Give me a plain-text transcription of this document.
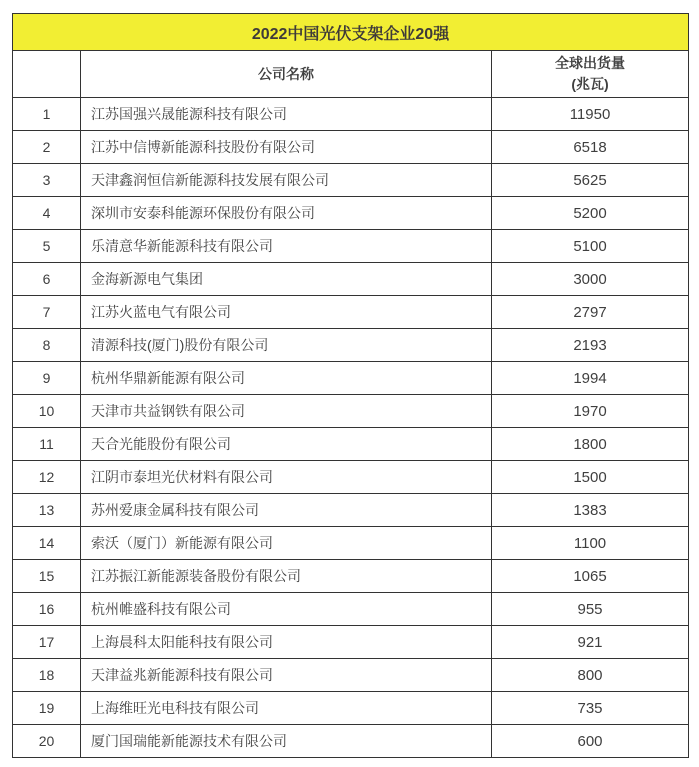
2022中国光伏支架企业20强		
	公司名称	全球出货量
(兆瓦)

1	江苏国强兴晟能源科技有限公司	11950
2	江苏中信博新能源科技股份有限公司	6518
3	天津鑫润恒信新能源科技发展有限公司	5625
4	深圳市安泰科能源环保股份有限公司	5200
5	乐清意华新能源科技有限公司	5100
6	金海新源电气集团	3000
7	江苏火蓝电气有限公司	2797
8	清源科技(厦门)股份有限公司	2193
9	杭州华鼎新能源有限公司	1994
10	天津市共益钢铁有限公司	1970
11	天合光能股份有限公司	1800
12	江阴市泰坦光伏材料有限公司	1500
13	苏州爱康金属科技有限公司	1383
14	索沃（厦门）新能源有限公司	1100
15	江苏振江新能源装备股份有限公司	1065
16	杭州帷盛科技有限公司	955
17	上海晨科太阳能科技有限公司	921
18	天津益兆新能源科技有限公司	800
19	上海维旺光电科技有限公司	735
20	厦门国瑞能新能源技术有限公司	600
